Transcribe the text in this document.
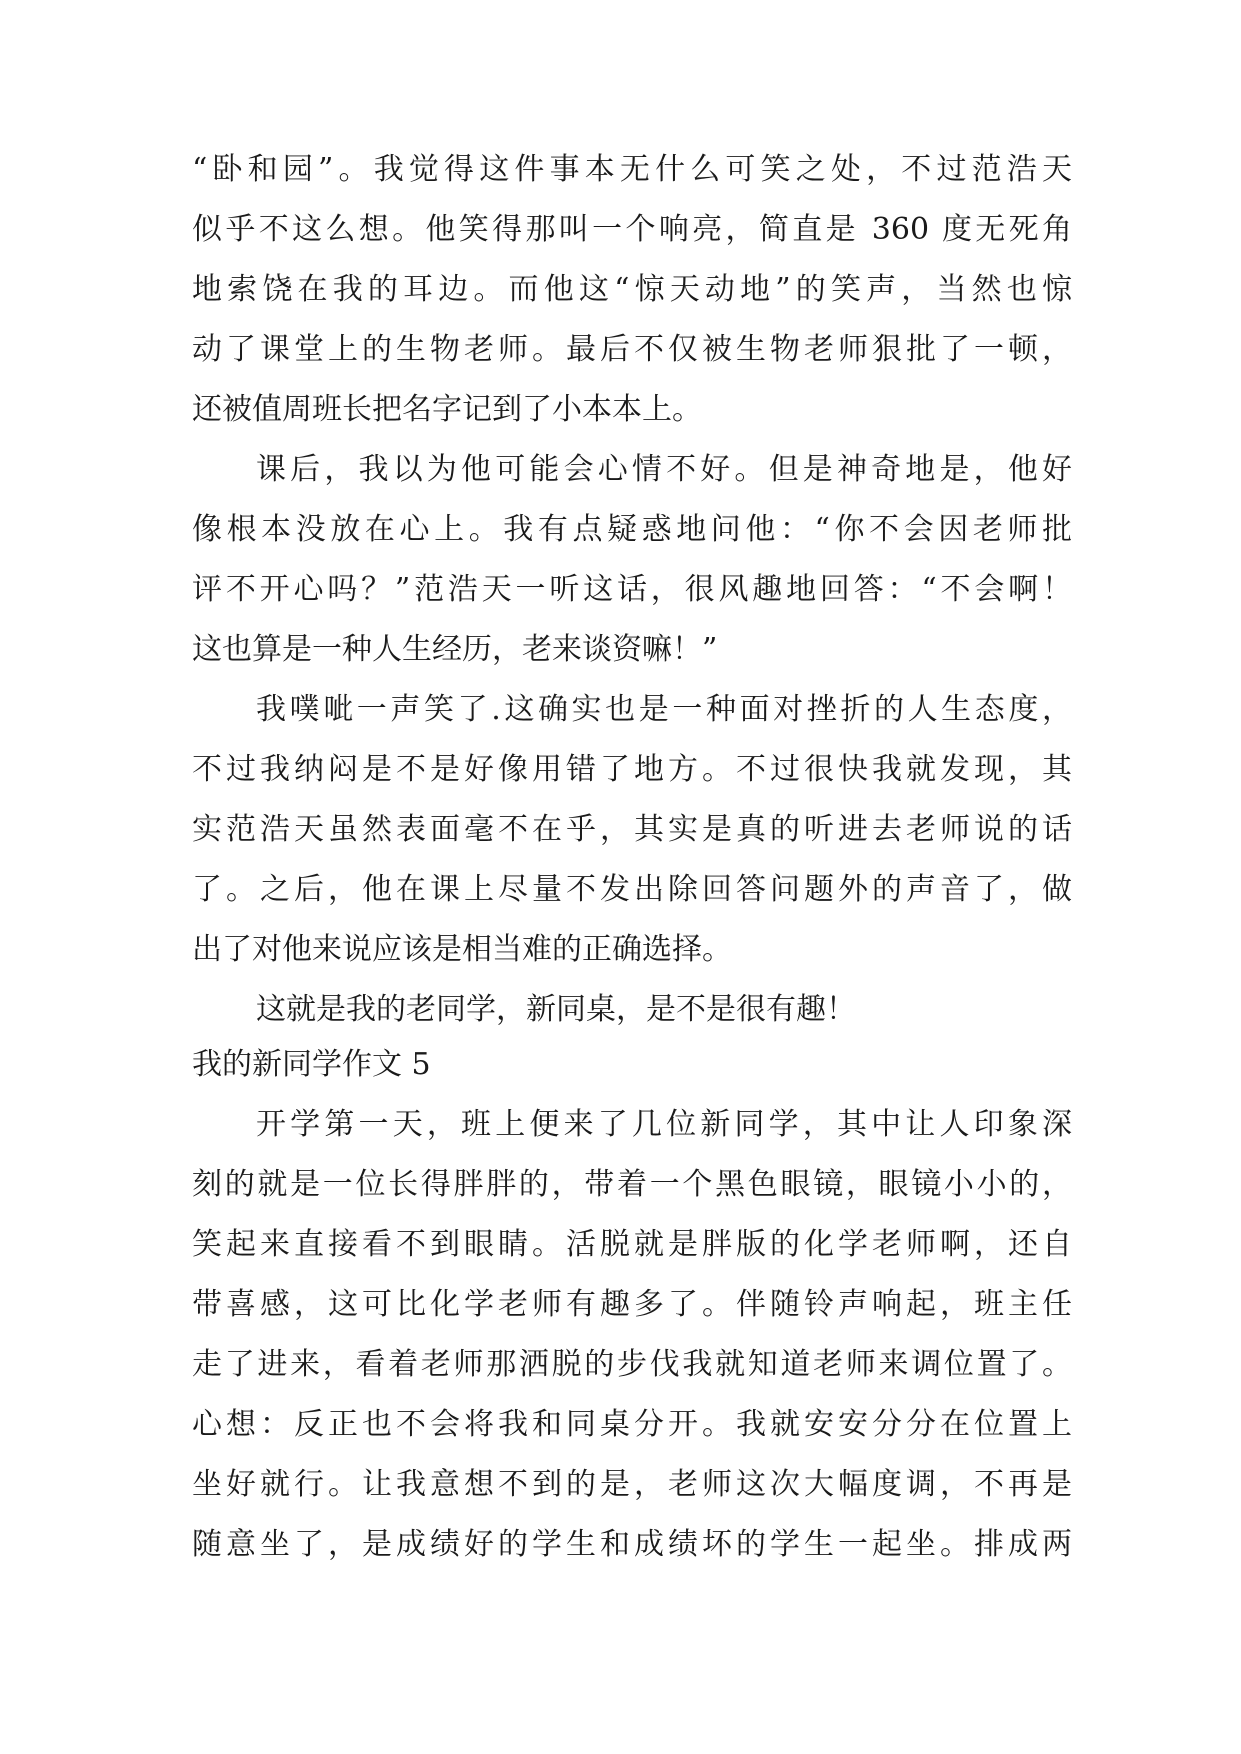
“卧和园”。我觉得这件事本无什么可笑之处，不过范浩天
似乎不这么想。他笑得那叫一个响亮，简直是 360 度无死角
地索饶在我的耳边。而他这“惊天动地”的笑声，当然也惊
动了课堂上的生物老师。最后不仅被生物老师狠批了一顿，
还被值周班长把名字记到了小本本上。
课后，我以为他可能会心情不好。但是神奇地是，他好
像根本没放在心上。我有点疑惑地问他：“你不会因老师批
评不开心吗？”范浩天一听这话，很风趣地回答：“不会啊！
这也算是一种人生经历，老来谈资嘛！”
我噗呲一声笑了.这确实也是一种面对挫折的人生态度，
不过我纳闷是不是好像用错了地方。不过很快我就发现，其
实范浩天虽然表面毫不在乎，其实是真的听进去老师说的话
了。之后，他在课上尽量不发出除回答问题外的声音了，做
出了对他来说应该是相当难的正确选择。
这就是我的老同学，新同桌，是不是很有趣！
我的新同学作文 5
开学第一天，班上便来了几位新同学，其中让人印象深
刻的就是一位长得胖胖的，带着一个黑色眼镜，眼镜小小的，
笑起来直接看不到眼睛。活脱就是胖版的化学老师啊，还自
带喜感，这可比化学老师有趣多了。伴随铃声响起，班主任
走了进来，看着老师那洒脱的步伐我就知道老师来调位置了。
心想：反正也不会将我和同桌分开。我就安安分分在位置上
坐好就行。让我意想不到的是，老师这次大幅度调，不再是
随意坐了，是成绩好的学生和成绩坏的学生一起坐。排成两
